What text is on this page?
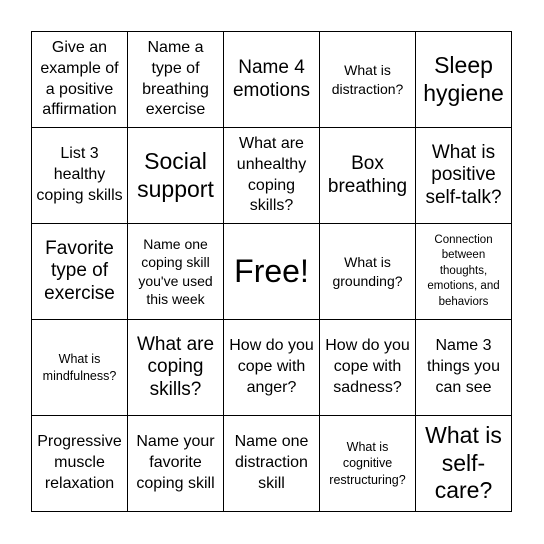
Give an example of a positive affirmation
Name a type of breathing exercise
Name 4 emotions
What is distraction?
Sleep hygiene
List 3 healthy coping skills
Social support
What are unhealthy coping skills?
Box breathing
What is positive self-talk?
Favorite type of exercise
Name one coping skill you've used this week
Free!	What is grounding?
Connection between thoughts, emotions, and behaviors
What is mindfulness?
What are coping skills?
How do you cope with anger?
How do you cope with sadness?
Name 3 things you can see
Progressive muscle relaxation
Name your favorite coping skill
Name one distraction skill
What is cognitive restructuring?
What is self-care?
